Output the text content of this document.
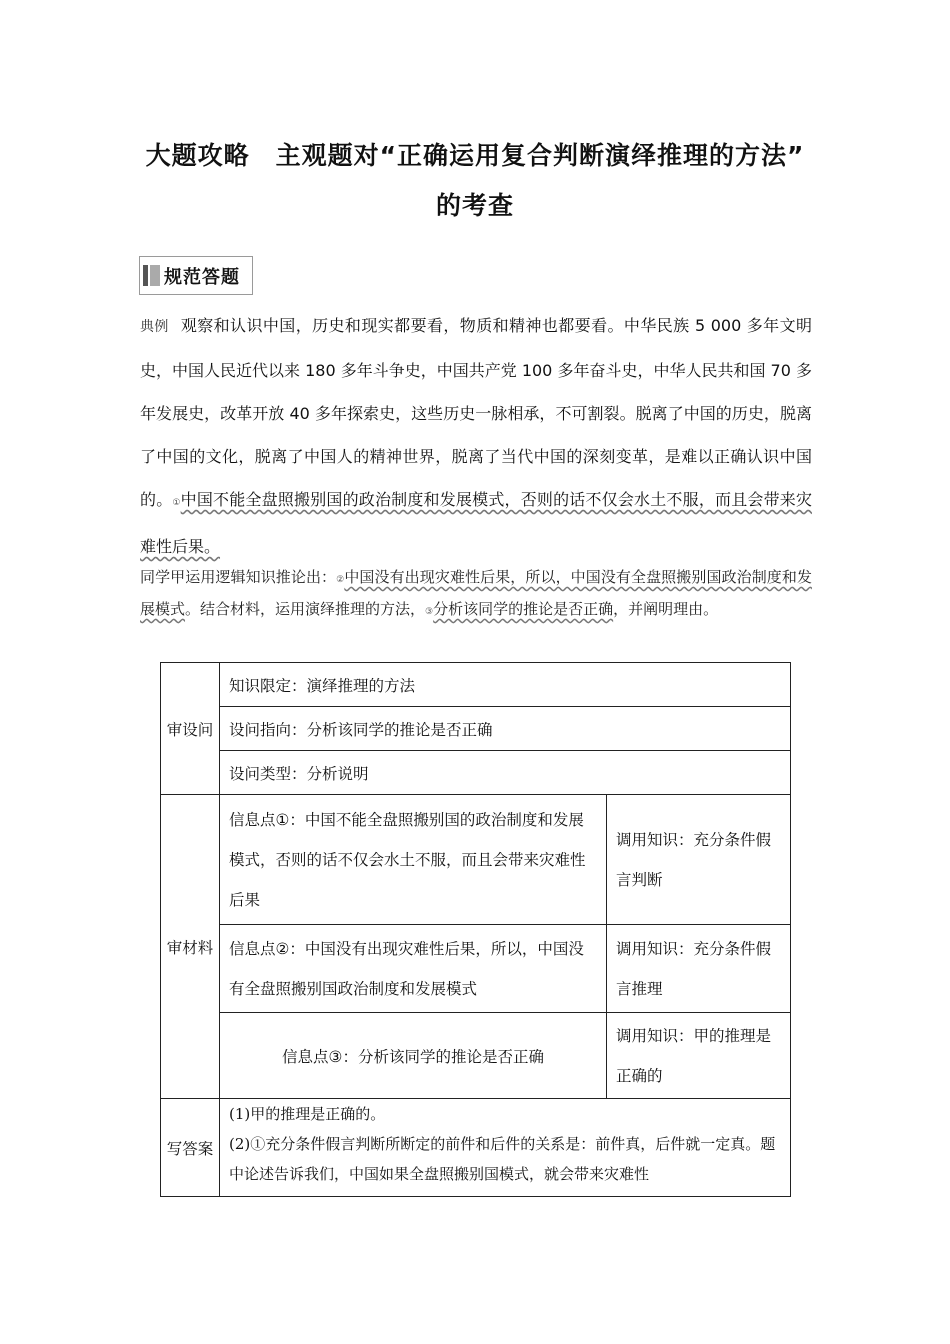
大题攻略　主观题对“正确运用复合判断演绎推理的方法”
的考查
规范答题
典例 观察和认识中国，历史和现实都要看，物质和精神也都要看。中华民族 5 000 多年文明史，中国人民近代以来 180 多年斗争史，中国共产党 100 多年奋斗史，中华人民共和国 70 多年发展史，改革开放 40 多年探索史，这些历史一脉相承，不可割裂。脱离了中国的历史，脱离了中国的文化，脱离了中国人的精神世界，脱离了当代中国的深刻变革，是难以正确认识中国的。①中国不能全盘照搬别国的政治制度和发展模式，否则的话不仅会水土不服，而且会带来灾难性后果。
同学甲运用逻辑知识推论出：②中国没有出现灾难性后果，所以，中国没有全盘照搬别国政治制度和发展模式。结合材料，运用演绎推理的方法，③分析该同学的推论是否正确，并阐明理由。
审设问	知识限定：演绎推理的方法	
	设问指向：分析该同学的推论是否正确	
	设问类型：分析说明	
审材料	信息点①：中国不能全盘照搬别国的政治制度和发展模式，否则的话不仅会水土不服，而且会带来灾难性后果	调用知识：充分条件假言判断
	信息点②：中国没有出现灾难性后果，所以，中国没有全盘照搬别国政治制度和发展模式	调用知识：充分条件假言推理
	信息点③：分析该同学的推论是否正确	调用知识：甲的推理是正确的
写答案	(1)甲的推理是正确的。
(2)①充分条件假言判断所断定的前件和后件的关系是：前件真，后件就一定真。题中论述告诉我们，中国如果全盘照搬别国模式，就会带来灾难性	
